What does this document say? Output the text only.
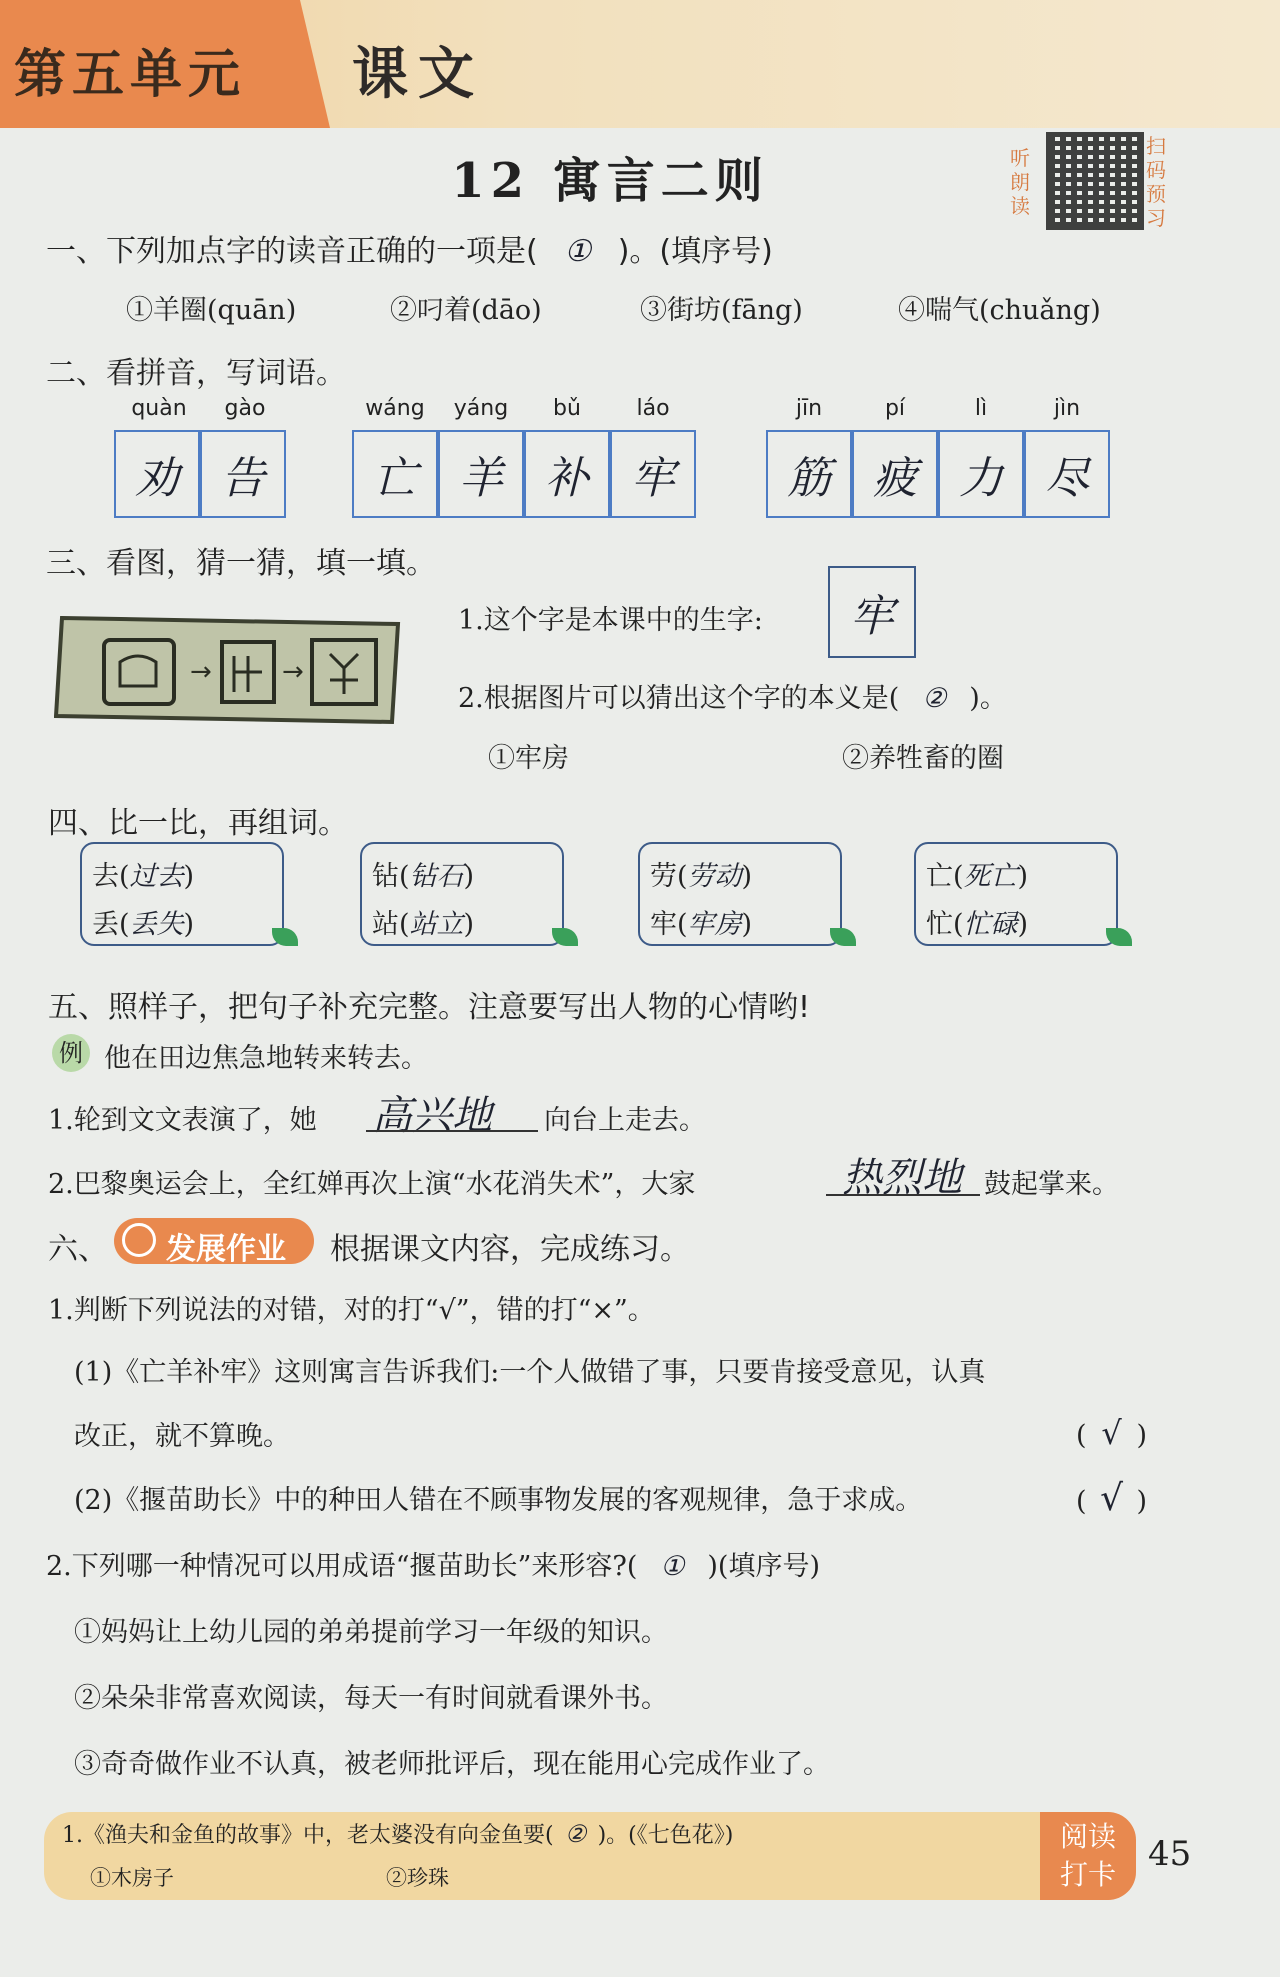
第五单元 课文
12 寓言二则	听朗读
扫码预习
一、下列加点字的读音正确的一项是( ① )。(填序号)
①羊圈(quān)	②叼着(dāo)	③街坊(fāng)	④喘气(chuǎng)
二、看拼音，写词语。
quàn	gào
劝 告
wáng	yáng	bǔ	láo
亡 羊 补 牢
jīn	pí	lì	jìn
筋 疲 力 尽
三、看图，猜一猜，填一填。
→	→
1.这个字是本课中的生字:	牢
2.根据图片可以猜出这个字的本义是( ② )。
①牢房	②养牲畜的圈
四、比一比，再组词。
去(过去)
丢(丢失)
钻(钻石)
站(站立)
劳(劳动)
牢(牢房)
亡(死亡)
忙(忙碌)
五、照样子，把句子补充完整。注意要写出人物的心情哟!
例 他在田边焦急地转来转去。
1.轮到文文表演了，她 高兴地 向台上走去。
2.巴黎奥运会上，全红婵再次上演“水花消失术”，大家	热烈地 鼓起掌来。
六、 发展作业 根据课文内容，完成练习。
1.判断下列说法的对错，对的打“√”，错的打“×”。
(1)《亡羊补牢》这则寓言告诉我们:一个人做错了事，只要肯接受意见，认真
改正，就不算晚。	( √ )
(2)《揠苗助长》中的种田人错在不顾事物发展的客观规律，急于求成。	( √ )
2.下列哪一种情况可以用成语“揠苗助长”来形容?( ① )(填序号)
①妈妈让上幼儿园的弟弟提前学习一年级的知识。
②朵朵非常喜欢阅读，每天一有时间就看课外书。
③奇奇做作业不认真，被老师批评后，现在能用心完成作业了。
1.《渔夫和金鱼的故事》中，老太婆没有向金鱼要( ② )。(《七色花》)
①木房子	②珍珠
阅读
打卡
45
